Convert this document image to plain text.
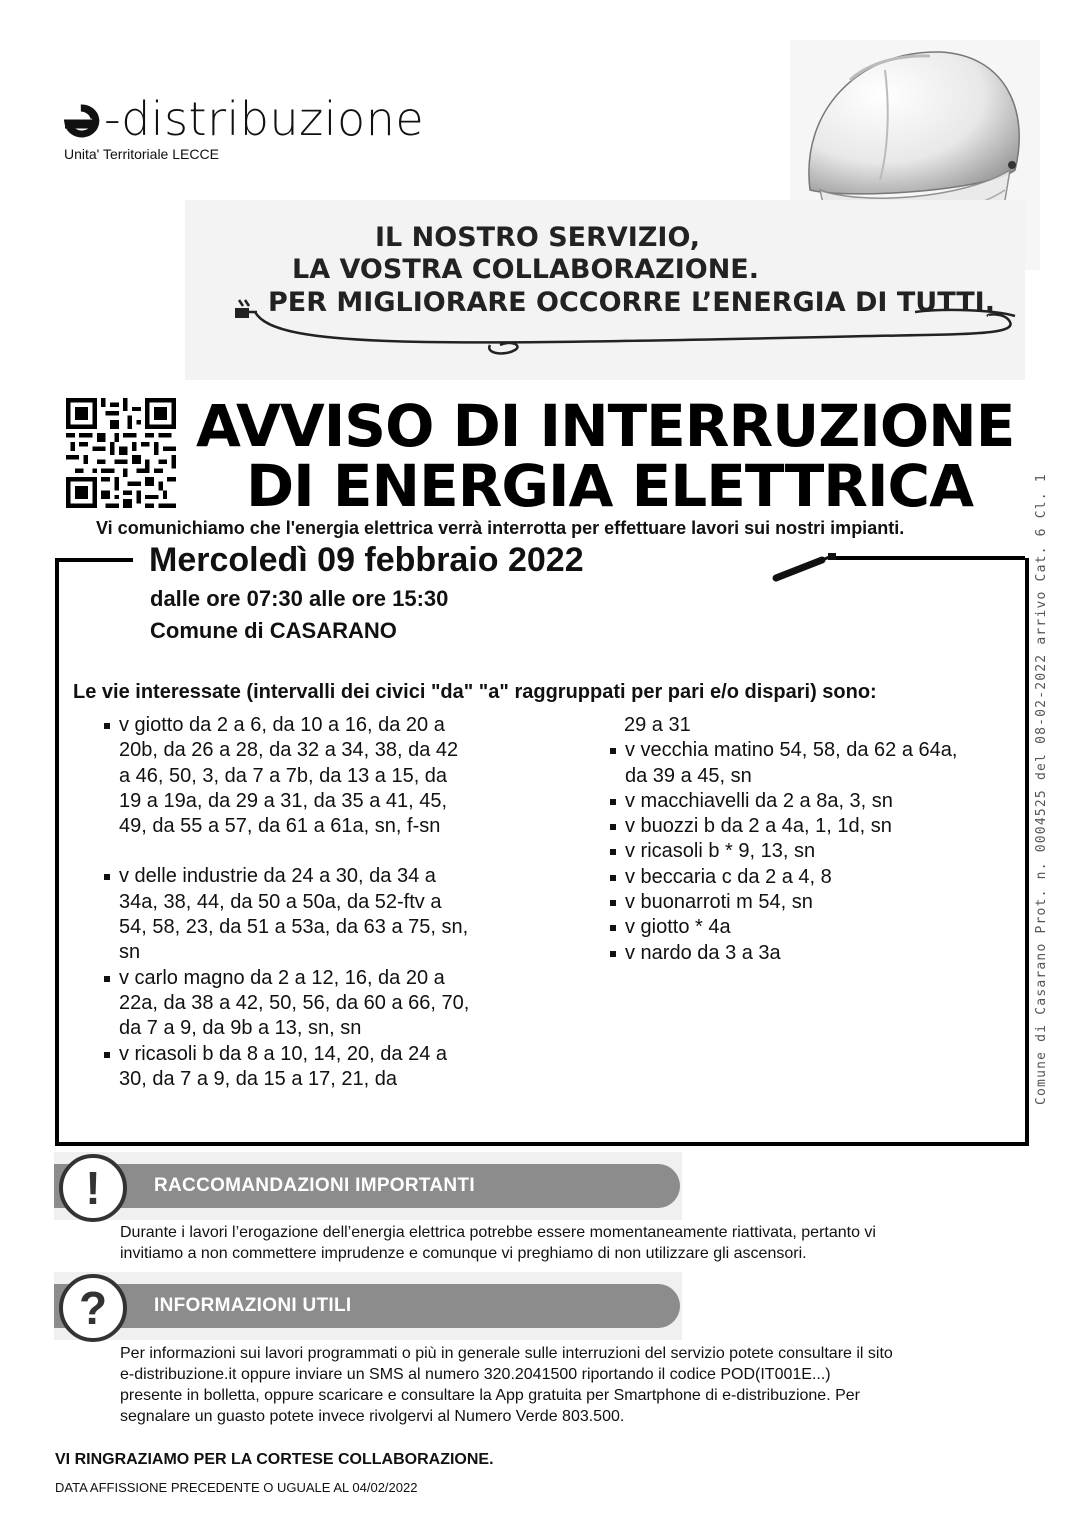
-distribuzione
Unita' Territoriale LECCE
IL NOSTRO SERVIZIO,
LA VOSTRA COLLABORAZIONE.
PER MIGLIORARE OCCORRE L’ENERGIA DI TUTTI.
AVVISO DI INTERRUZIONE
DI ENERGIA ELETTRICA
Vi comunichiamo che l'energia elettrica verrà interrotta per effettuare lavori sui nostri impianti.	Comune di Casarano Prot. n. 0004525 del 08-02-2022 arrivo Cat. 6 Cl. 1
Mercoledì 09 febbraio 2022
dalle ore 07:30 alle ore 15:30
Comune di CASARANO
Le vie interessate (intervalli dei civici "da" "a" raggruppati per pari e/o dispari) sono:
v giotto da 2 a 6, da 10 a 16, da 20 a
20b, da 26 a 28, da 32 a 34, 38, da 42
a 46, 50, 3, da 7 a 7b, da 13 a 15, da
19 a 19a, da 29 a 31, da 35 a 41, 45,
49, da 55 a 57, da 61 a 61a, sn, f-sn
v delle industrie da 24 a 30, da 34 a
34a, 38, 44, da 50 a 50a, da 52-ftv a
54, 58, 23, da 51 a 53a, da 63 a 75, sn,
sn
v carlo magno da 2 a 12, 16, da 20 a
22a, da 38 a 42, 50, 56, da 60 a 66, 70,
da 7 a 9, da 9b a 13, sn, sn
v ricasoli b da 8 a 10, 14, 20, da 24 a
30, da 7 a 9, da 15 a 17, 21, da
29 a 31
v vecchia matino 54, 58, da 62 a 64a,
da 39 a 45, sn
v macchiavelli da 2 a 8a, 3, sn
v buozzi b da 2 a 4a, 1, 1d, sn
v ricasoli b * 9, 13, sn
v beccaria c da 2 a 4, 8
v buonarroti m 54, sn
v giotto * 4a
v nardo da 3 a 3a
RACCOMANDAZIONI IMPORTANTI
!
Durante i lavori l’erogazione dell’energia elettrica potrebbe essere momentaneamente riattivata, pertanto vi
invitiamo a non commettere imprudenze e comunque vi preghiamo di non utilizzare gli ascensori.
INFORMAZIONI UTILI
?
Per informazioni sui lavori programmati o più in generale sulle interruzioni del servizio potete consultare il sito
e-distribuzione.it oppure inviare un SMS al numero 320.2041500 riportando il codice POD(IT001E...)
presente in bolletta, oppure scaricare e consultare la App gratuita per Smartphone di e-distribuzione. Per
segnalare un guasto potete invece rivolgervi al Numero Verde 803.500.
VI RINGRAZIAMO PER LA CORTESE COLLABORAZIONE.
DATA AFFISSIONE PRECEDENTE O UGUALE AL 04/02/2022
